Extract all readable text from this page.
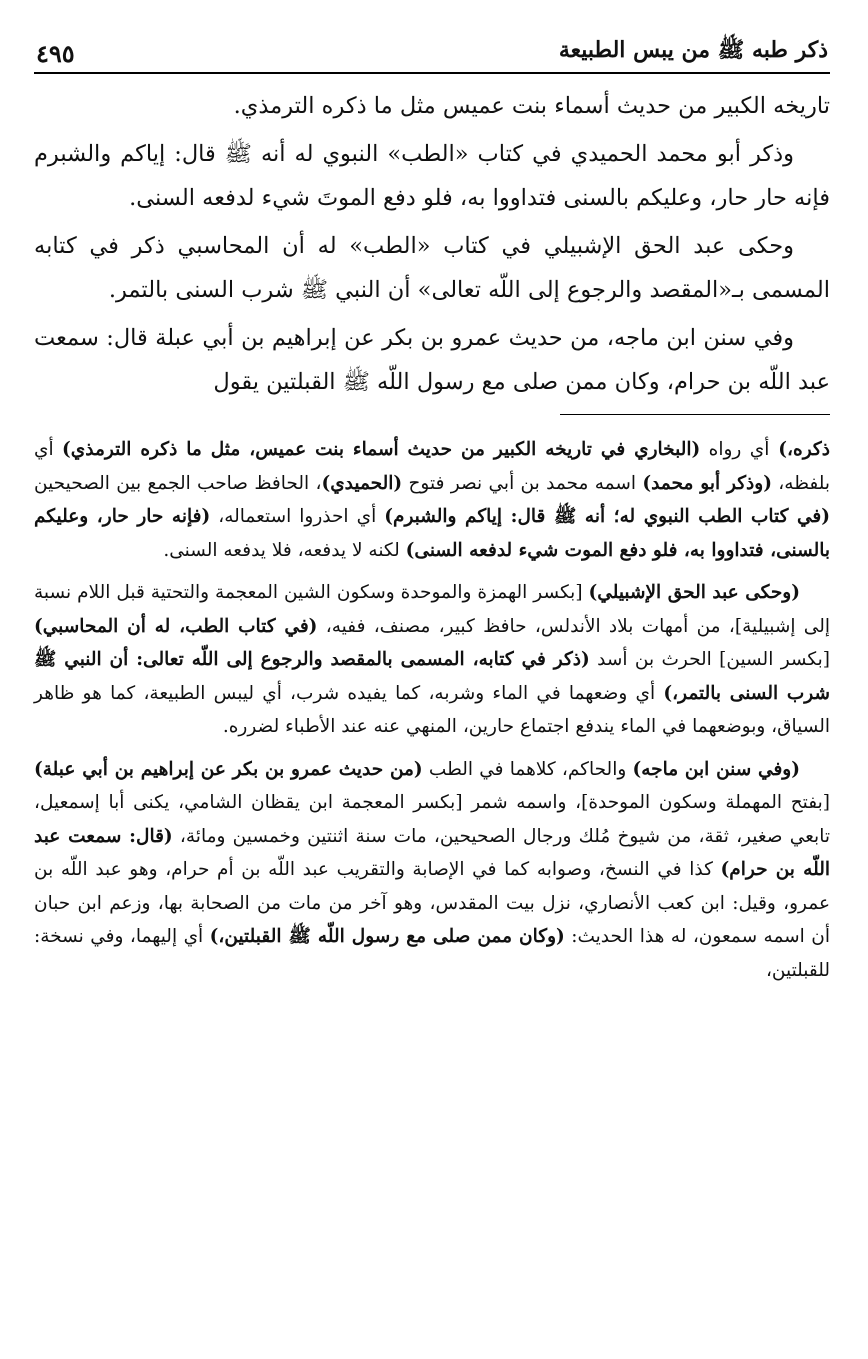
ذكر طبه ﷺ من يبس الطبيعة
٤٩٥

تاريخه الكبير من حديث أسماء بنت عميس مثل ما ذكره الترمذي.

وذكر أبو محمد الحميدي في كتاب «الطب» النبوي له أنه ﷺ قال: إياكم والشبرم فإنه حار حار، وعليكم بالسنى فتداووا به، فلو دفع الموتَ شيء لدفعه السنى.

وحكى عبد الحق الإشبيلي في كتاب «الطب» له أن المحاسبي ذكر في كتابه المسمى بـ«المقصد والرجوع إلى اللّه تعالى» أن النبي ﷺ شرب السنى بالتمر.

وفي سنن ابن ماجه، من حديث عمرو بن بكر عن إبراهيم بن أبي عبلة قال: سمعت عبد اللّه بن حرام، وكان ممن صلى مع رسول اللّه ﷺ القبلتين يقول

ذكره،) أي رواه (البخاري في تاريخه الكبير من حديث أسماء بنت عميس، مثل ما ذكره الترمذي) أي بلفظه، (وذكر أبو محمد) اسمه محمد بن أبي نصر فتوح (الحميدي)، الحافظ صاحب الجمع بين الصحيحين (في كتاب الطب النبوي له؛ أنه ﷺ قال: إياكم والشبرم) أي احذروا استعماله، (فإنه حار حار، وعليكم بالسنى، فتداووا به، فلو دفع الموت شيء لدفعه السنى) لكنه لا يدفعه، فلا يدفعه السنى.

(وحكى عبد الحق الإشبيلي) [بكسر الهمزة والموحدة وسكون الشين المعجمة والتحتية قبل اللام نسبة إلى إشبيلية]، من أمهات بلاد الأندلس، حافظ كبير، مصنف، ففيه، (في كتاب الطب، له أن المحاسبي) [بكسر السين] الحرث بن أسد (ذكر في كتابه، المسمى بالمقصد والرجوع إلى اللّه تعالى: أن النبي ﷺ شرب السنى بالتمر،) أي وضعهما في الماء وشربه، كما يفيده شرب، أي ليبس الطبيعة، كما هو ظاهر السياق، وبوضعهما في الماء يندفع اجتماع حارين، المنهي عنه عند الأطباء لضرره.

(وفي سنن ابن ماجه) والحاكم، كلاهما في الطب (من حديث عمرو بن بكر عن إبراهيم بن أبي عبلة) [بفتح المهملة وسكون الموحدة]، واسمه شمر [بكسر المعجمة ابن يقظان الشامي، يكنى أبا إسمعيل، تابعي صغير، ثقة، من شيوخ مُلك ورجال الصحيحين، مات سنة اثنتين وخمسين ومائة، (قال: سمعت عبد اللّه بن حرام) كذا في النسخ، وصوابه كما في الإصابة والتقريب عبد اللّه بن أم حرام، وهو عبد اللّه بن عمرو، وقيل: ابن كعب الأنصاري، نزل بيت المقدس، وهو آخر من مات من الصحابة بها، وزعم ابن حبان أن اسمه سمعون، له هذا الحديث: (وكان ممن صلى مع رسول اللّه ﷺ القبلتين،) أي إليهما، وفي نسخة: للقبلتين،
